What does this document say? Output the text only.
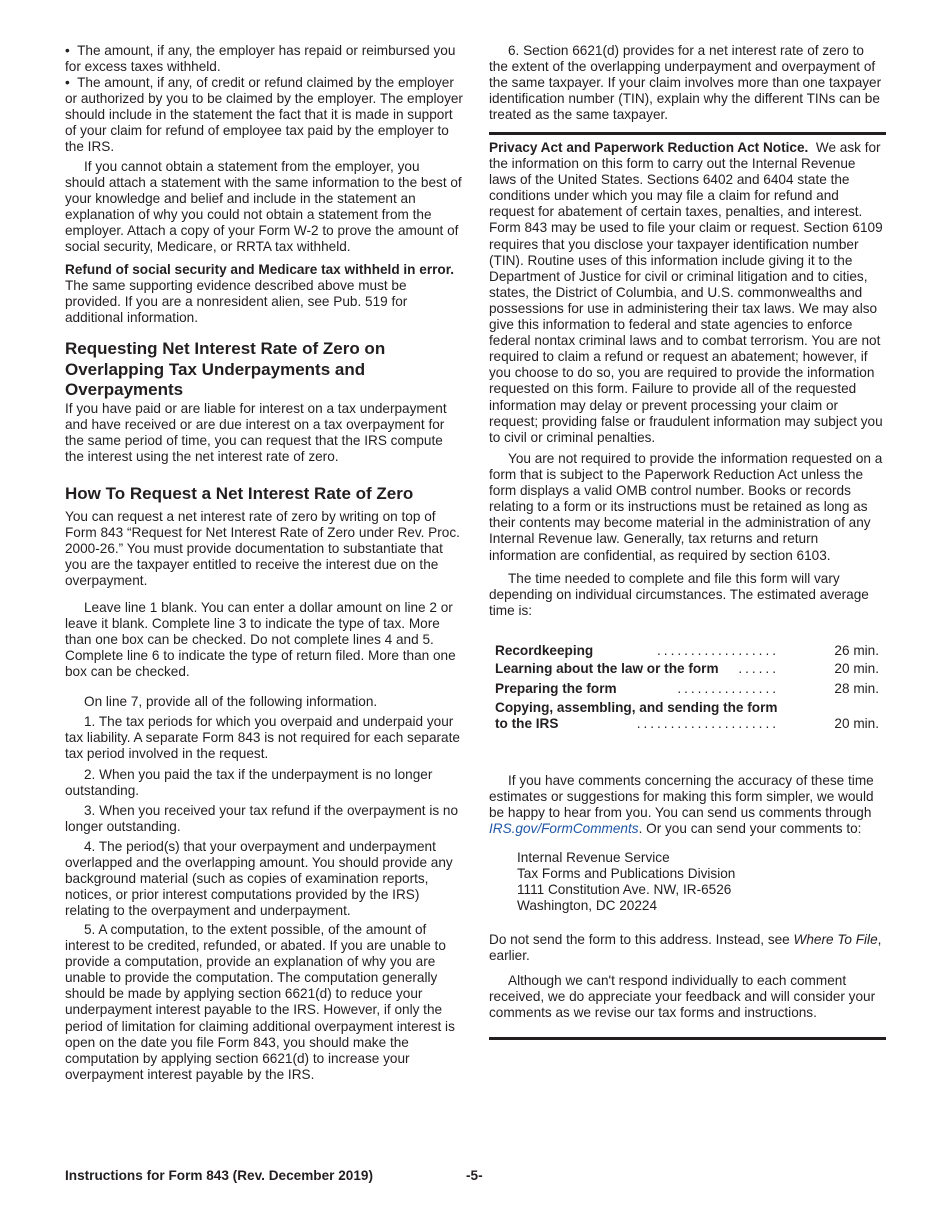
•  The amount, if any, the employer has repaid or reimbursed you for excess taxes withheld.
•  The amount, if any, of credit or refund claimed by the employer or authorized by you to be claimed by the employer. The employer should include in the statement the fact that it is made in support of your claim for refund of employee tax paid by the employer to the IRS.

If you cannot obtain a statement from the employer, you should attach a statement with the same information to the best of your knowledge and belief and include in the statement an explanation of why you could not obtain a statement from the employer. Attach a copy of your Form W-2 to prove the amount of social security, Medicare, or RRTA tax withheld.

Refund of social security and Medicare tax withheld in error. The same supporting evidence described above must be provided. If you are a nonresident alien, see Pub. 519 for additional information.

Requesting Net Interest Rate of Zero on Overlapping Tax Underpayments and Overpayments

If you have paid or are liable for interest on a tax underpayment and have received or are due interest on a tax overpayment for the same period of time, you can request that the IRS compute the interest using the net interest rate of zero.

How To Request a Net Interest Rate of Zero

You can request a net interest rate of zero by writing on top of Form 843 “Request for Net Interest Rate of Zero under Rev. Proc. 2000-26.” You must provide documentation to substantiate that you are the taxpayer entitled to receive the interest due on the overpayment.

Leave line 1 blank. You can enter a dollar amount on line 2 or leave it blank. Complete line 3 to indicate the type of tax. More than one box can be checked. Do not complete lines 4 and 5. Complete line 6 to indicate the type of return filed. More than one box can be checked.

On line 7, provide all of the following information.

1. The tax periods for which you overpaid and underpaid your tax liability. A separate Form 843 is not required for each separate tax period involved in the request.

2. When you paid the tax if the underpayment is no longer outstanding.

3. When you received your tax refund if the overpayment is no longer outstanding.

4. The period(s) that your overpayment and underpayment overlapped and the overlapping amount. You should provide any background material (such as copies of examination reports, notices, or prior interest computations provided by the IRS) relating to the overpayment and underpayment.

5. A computation, to the extent possible, of the amount of interest to be credited, refunded, or abated. If you are unable to provide a computation, provide an explanation of why you are unable to provide the computation. The computation generally should be made by applying section 6621(d) to reduce your underpayment interest payable to the IRS. However, if only the period of limitation for claiming additional overpayment interest is open on the date you file Form 843, you should make the computation by applying section 6621(d) to increase your overpayment interest payable by the IRS.

6. Section 6621(d) provides for a net interest rate of zero to the extent of the overlapping underpayment and overpayment of the same taxpayer. If your claim involves more than one taxpayer identification number (TIN), explain why the different TINs can be treated as the same taxpayer.

Privacy Act and Paperwork Reduction Act Notice. We ask for the information on this form to carry out the Internal Revenue laws of the United States. Sections 6402 and 6404 state the conditions under which you may file a claim for refund and request for abatement of certain taxes, penalties, and interest. Form 843 may be used to file your claim or request. Section 6109 requires that you disclose your taxpayer identification number (TIN). Routine uses of this information include giving it to the Department of Justice for civil or criminal litigation and to cities, states, the District of Columbia, and U.S. commonwealths and possessions for use in administering their tax laws. We may also give this information to federal and state agencies to enforce federal nontax criminal laws and to combat terrorism. You are not required to claim a refund or request an abatement; however, if you choose to do so, you are required to provide the information requested on this form. Failure to provide all of the requested information may delay or prevent processing your claim or request; providing false or fraudulent information may subject you to civil or criminal penalties.

You are not required to provide the information requested on a form that is subject to the Paperwork Reduction Act unless the form displays a valid OMB control number. Books or records relating to a form or its instructions must be retained as long as their contents may become material in the administration of any Internal Revenue law. Generally, tax returns and return information are confidential, as required by section 6103.

The time needed to complete and file this form will vary depending on individual circumstances. The estimated average time is:

Recordkeeping	..................	26 min.
Learning about the law or the form ......	20 min.
Preparing the form	...............	28 min.
Copying, assembling, and sending the form
to the IRS	.....................	20 min.

If you have comments concerning the accuracy of these time estimates or suggestions for making this form simpler, we would be happy to hear from you. You can send us comments through IRS.gov/FormComments. Or you can send your comments to:

Internal Revenue Service
Tax Forms and Publications Division
1111 Constitution Ave. NW, IR-6526
Washington, DC 20224

Do not send the form to this address. Instead, see Where To File, earlier.

Although we can't respond individually to each comment received, we do appreciate your feedback and will consider your comments as we revise our tax forms and instructions.

Instructions for Form 843 (Rev. December 2019)	-5-
